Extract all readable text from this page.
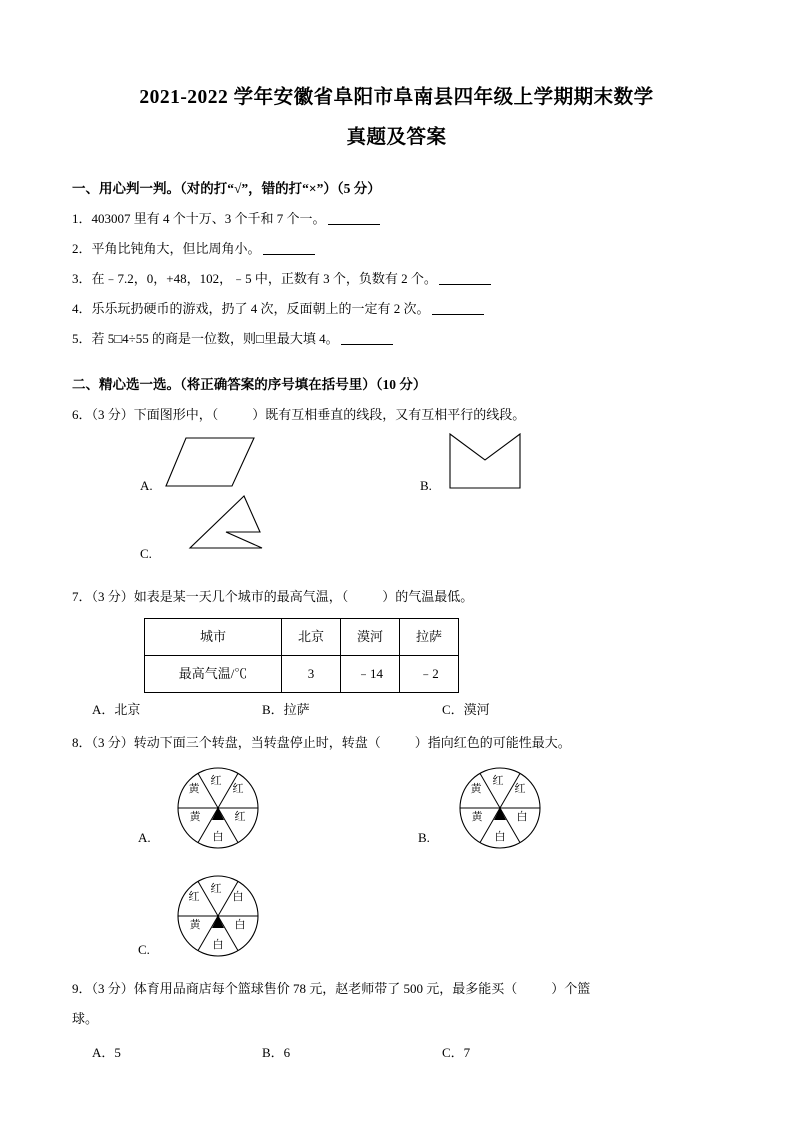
2021-2022 学年安徽省阜阳市阜南县四年级上学期期末数学
真题及答案
一、用心判一判。（对的打“√”，错的打“×”）（5 分）
1．403007 里有 4 个十万、3 个千和 7 个一。
2．平角比钝角大，但比周角小。
3．在﹣7.2，0，+48，102，﹣5 中，正数有 3 个，负数有 2 个。
4．乐乐玩扔硬币的游戏，扔了 4 次，反面朝上的一定有 2 次。
5．若 5□4÷55 的商是一位数，则□里最大填 4。
二、精心选一选。（将正确答案的序号填在括号里）（10 分）
6．（3 分）下面图形中，（	）既有互相垂直的线段，又有互相平行的线段。
A.	B.
C.
7．（3 分）如表是某一天几个城市的最高气温，（	）的气温最低。
城市	北京	漠河	拉萨
最高气温/℃	3	﹣14	﹣2
A．北京	B．拉萨	C．漠河
8．（3 分）转动下面三个转盘，当转盘停止时，转盘（	）指向红色的可能性最大。
A.
红
红
红
白
黄
黄
B.
红
红
白
白
黄
黄
C.
红
白
白
白
黄
红
9．（3 分）体育用品商店每个篮球售价 78 元，赵老师带了 500 元，最多能买（	）个篮
球。
A．5	B．6	C．7
